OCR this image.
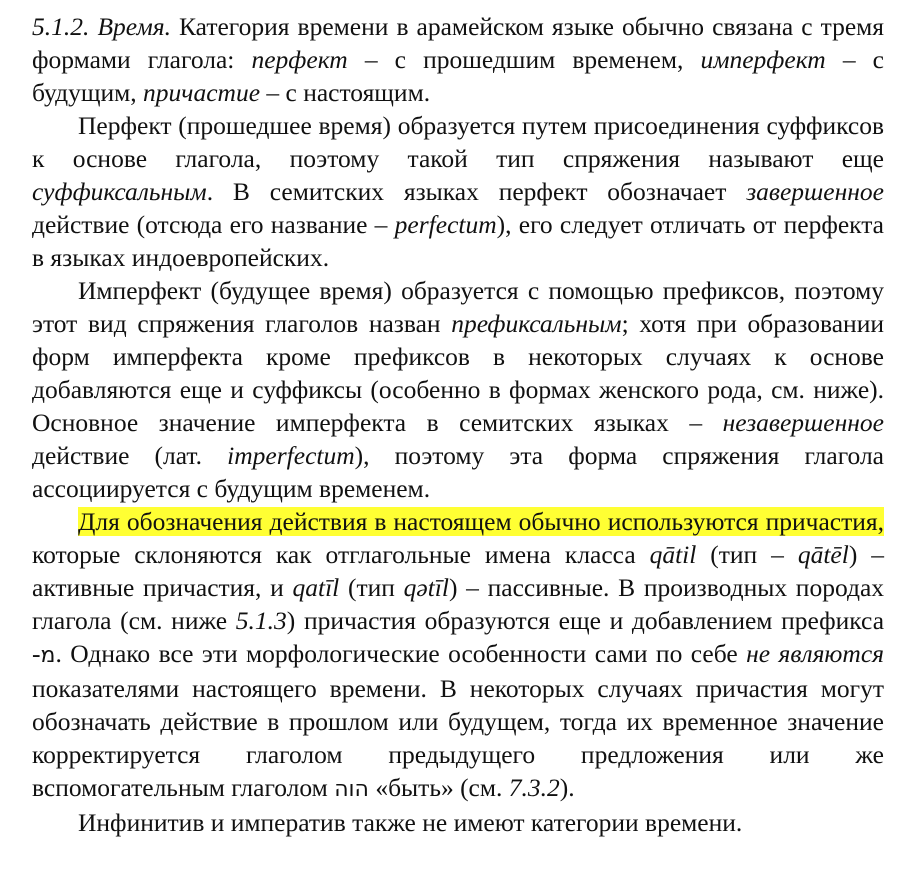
5.1.2. Время. Категория времени в арамейском языке обычно связана с тремя формами глагола: перфект – с прошедшим временем, имперфект – с будущим, причастие – с настоящим.

Перфект (прошедшее время) образуется путем присоединения суффиксов к основе глагола, поэтому такой тип спряжения называют еще суффиксальным. В семитских языках перфект обозначает завершенное действие (отсюда его название – perfectum), его следует отличать от перфекта в языках индоевропейских.

Имперфект (будущее время) образуется с помощью префиксов, поэтому этот вид спряжения глаголов назван префиксальным; хотя при образовании форм имперфекта кроме префиксов в некоторых случаях к основе добавляются еще и суффиксы (особенно в формах женского рода, см. ниже). Основное значение имперфекта в семитских языках – незавершенное действие (лат. imperfectum), поэтому эта форма спряжения глагола ассоциируется с будущим временем.

Для обозначения действия в настоящем обычно используются причастия, которые склоняются как отглагольные имена класса qātil (тип – qātēl) – активные причастия, и qatīl (тип qətīl) – пассивные. В производных породах глагола (см. ниже 5.1.3) причастия образуются еще и добавлением префикса -מ. Однако все эти морфологические особенности сами по себе не являются показателями настоящего времени. В некоторых случаях причастия могут обозначать действие в прошлом или будущем, тогда их временное значение корректируется глаголом предыдущего предложения или же вспомогательным глаголом הוה «быть» (см. 7.3.2).

Инфинитив и императив также не имеют категории времени.
